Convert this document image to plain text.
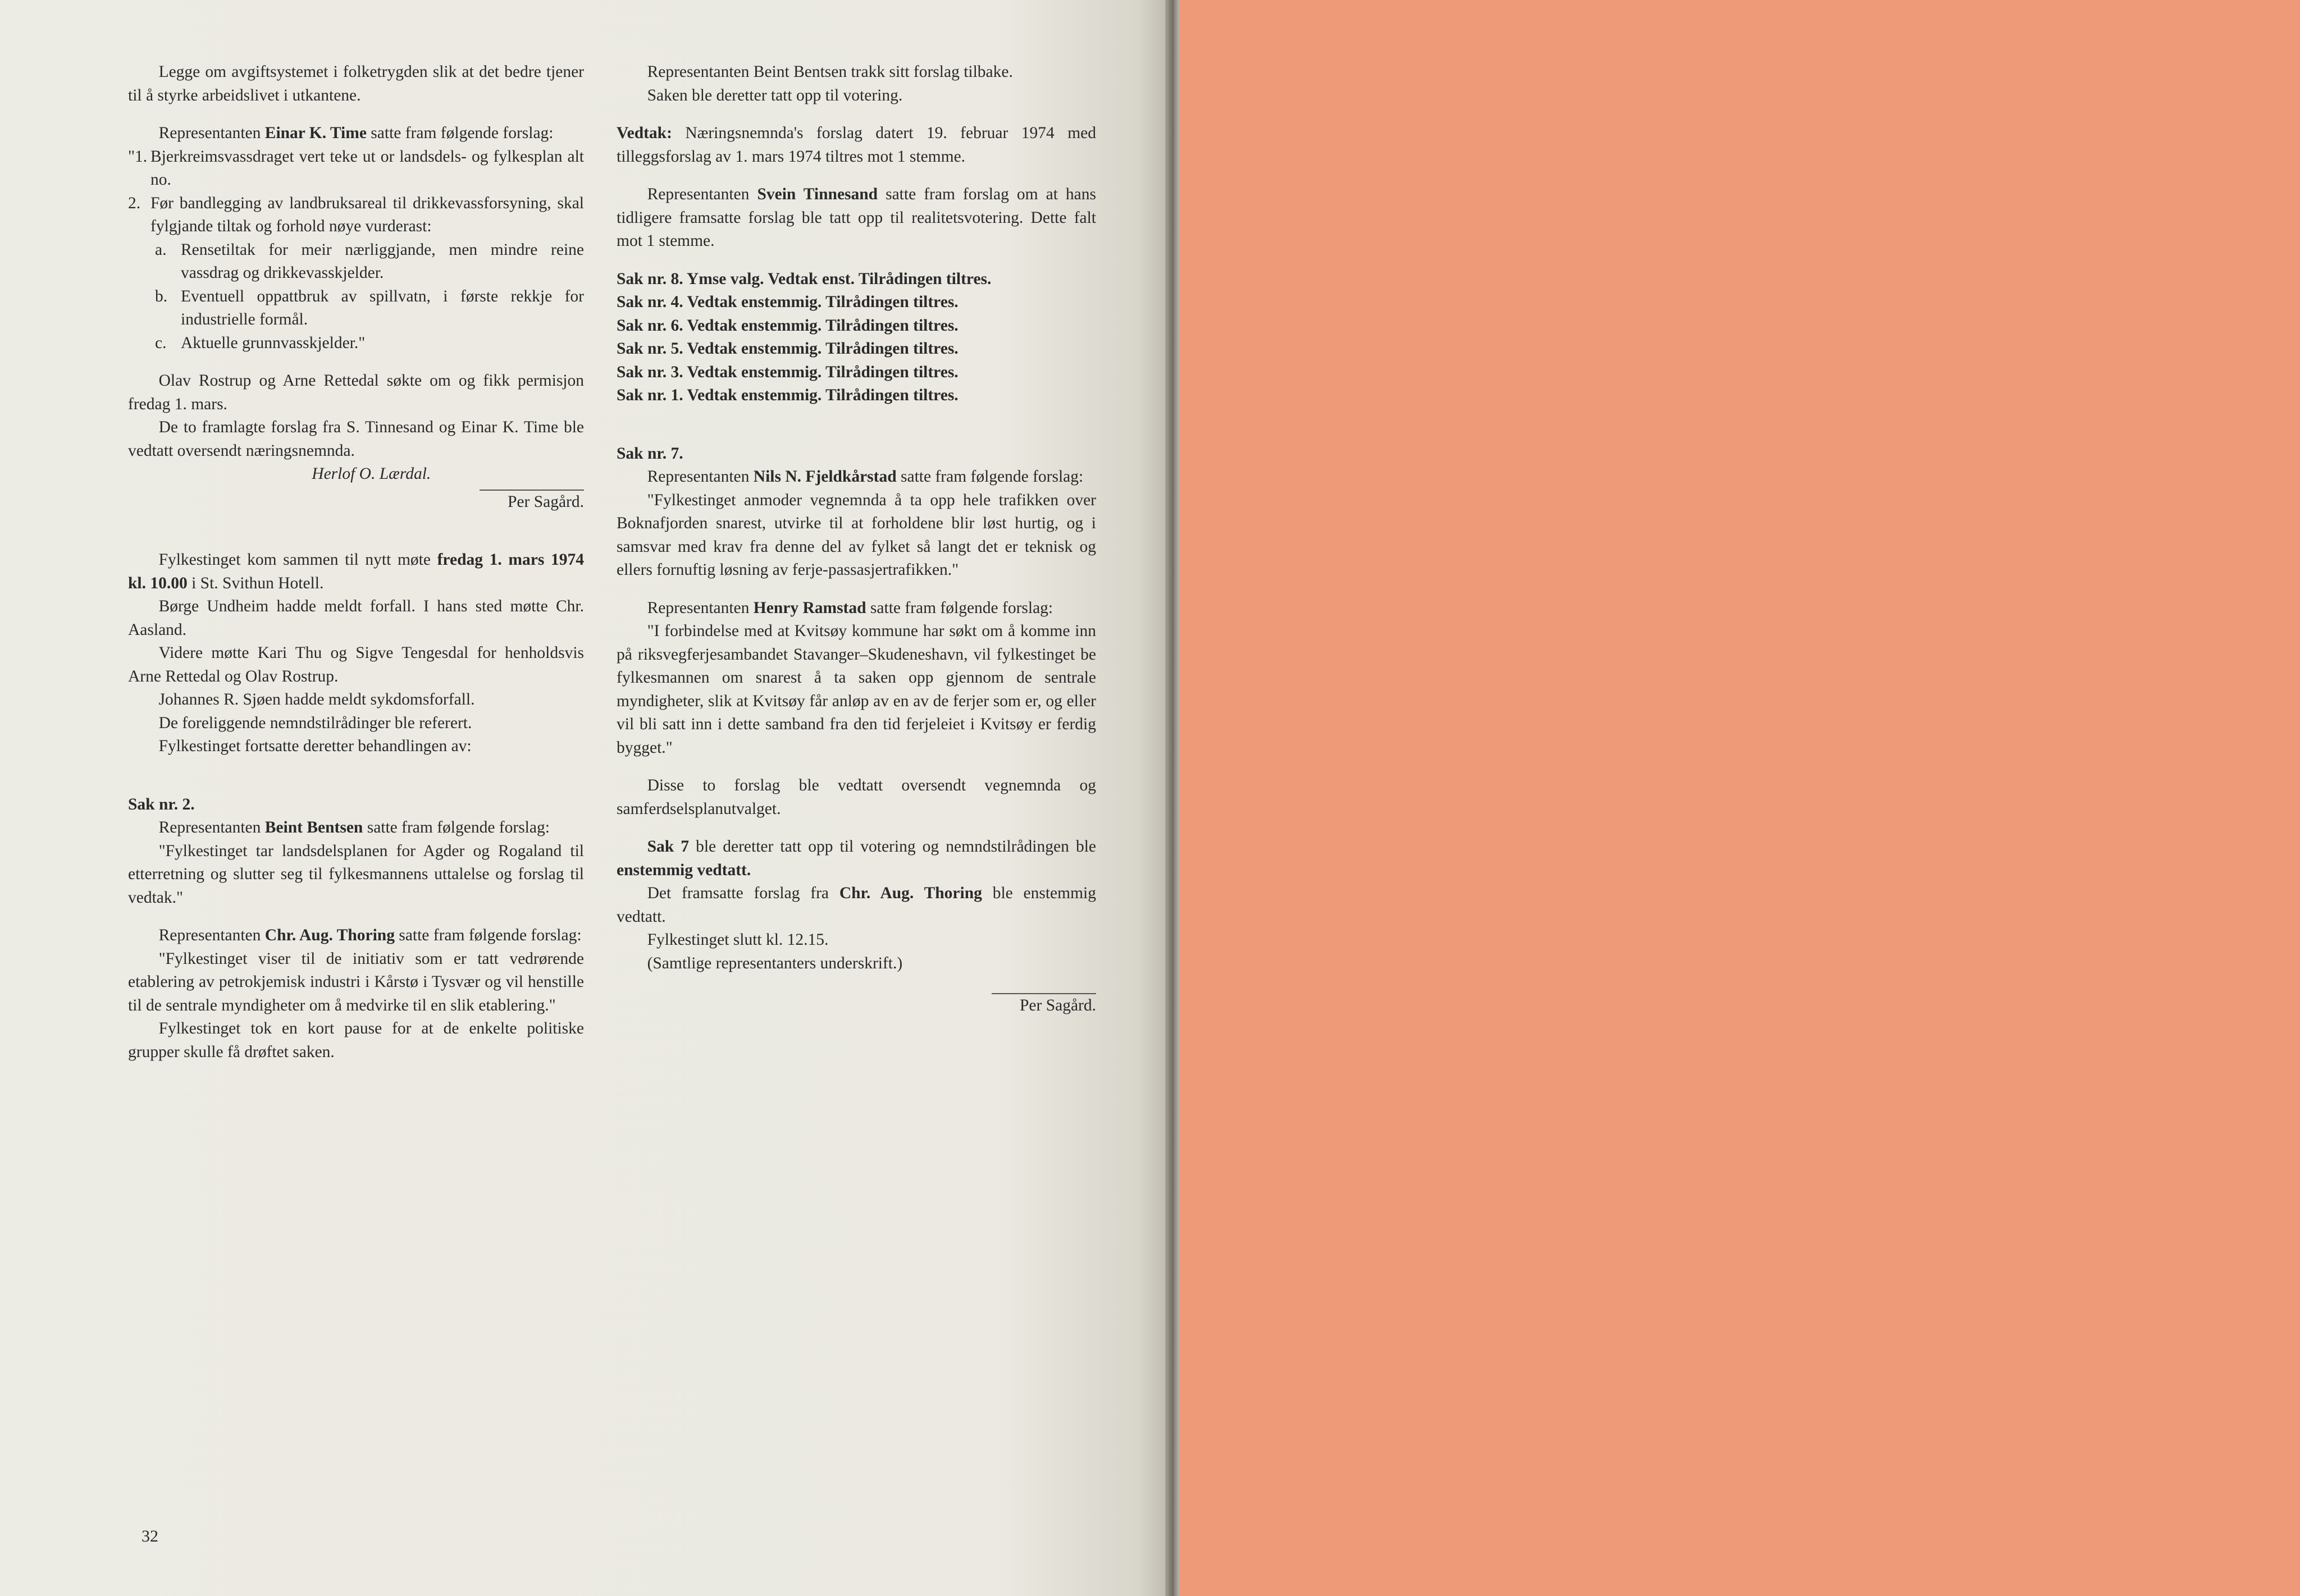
Legge om avgiftsystemet i folketrygden slik at det bedre tjener til å styrke arbeidslivet i utkantene.

Representanten Einar K. Time satte fram følgende forslag:

"1. Bjerkreimsvassdraget vert teke ut or landsdels- og fylkesplan alt no.
2. Før bandlegging av landbruksareal til drikkevassforsyning, skal fylgjande tiltak og forhold nøye vurderast:
a. Rensetiltak for meir nærliggjande, men mindre reine vassdrag og drikkevasskjelder.
b. Eventuell oppattbruk av spillvatn, i første rekkje for industrielle formål.
c. Aktuelle grunnvasskjelder."

Olav Rostrup og Arne Rettedal søkte om og fikk permisjon fredag 1. mars.

De to framlagte forslag fra S. Tinnesand og Einar K. Time ble vedtatt oversendt næringsnemnda.

Herlof O. Lærdal.

Per Sagård.

Fylkestinget kom sammen til nytt møte fredag 1. mars 1974 kl. 10.00 i St. Svithun Hotell.

Børge Undheim hadde meldt forfall. I hans sted møtte Chr. Aasland.

Videre møtte Kari Thu og Sigve Tengesdal for henholdsvis Arne Rettedal og Olav Rostrup.

Johannes R. Sjøen hadde meldt sykdomsforfall.

De foreliggende nemndstilrådinger ble referert.

Fylkestinget fortsatte deretter behandlingen av:

Sak nr. 2.

Representanten Beint Bentsen satte fram følgende forslag:

"Fylkestinget tar landsdelsplanen for Agder og Rogaland til etterretning og slutter seg til fylkesmannens uttalelse og forslag til vedtak."

Representanten Chr. Aug. Thoring satte fram følgende forslag:

"Fylkestinget viser til de initiativ som er tatt vedrørende etablering av petrokjemisk industri i Kårstø i Tysvær og vil henstille til de sentrale myndigheter om å medvirke til en slik etablering."

Fylkestinget tok en kort pause for at de enkelte politiske grupper skulle få drøftet saken.

32

Representanten Beint Bentsen trakk sitt forslag tilbake.

Saken ble deretter tatt opp til votering.

Vedtak: Næringsnemnda's forslag datert 19. februar 1974 med tilleggsforslag av 1. mars 1974 tiltres mot 1 stemme.

Representanten Svein Tinnesand satte fram forslag om at hans tidligere framsatte forslag ble tatt opp til realitetsvotering. Dette falt mot 1 stemme.

Sak nr. 8. Ymse valg. Vedtak enst. Tilrådingen tiltres.

Sak nr. 4. Vedtak enstemmig. Tilrådingen tiltres.

Sak nr. 6. Vedtak enstemmig. Tilrådingen tiltres.

Sak nr. 5. Vedtak enstemmig. Tilrådingen tiltres.

Sak nr. 3. Vedtak enstemmig. Tilrådingen tiltres.

Sak nr. 1. Vedtak enstemmig. Tilrådingen tiltres.

Sak nr. 7.

Representanten Nils N. Fjeldkårstad satte fram følgende forslag:

"Fylkestinget anmoder vegnemnda å ta opp hele trafikken over Boknafjorden snarest, utvirke til at forholdene blir løst hurtig, og i samsvar med krav fra denne del av fylket så langt det er teknisk og ellers fornuftig løsning av ferje-passasjertrafikken."

Representanten Henry Ramstad satte fram følgende forslag:

"I forbindelse med at Kvitsøy kommune har søkt om å komme inn på riksvegferjesambandet Stavanger–Skudeneshavn, vil fylkestinget be fylkesmannen om snarest å ta saken opp gjennom de sentrale myndigheter, slik at Kvitsøy får anløp av en av de ferjer som er, og eller vil bli satt inn i dette samband fra den tid ferjeleiet i Kvitsøy er ferdig bygget."

Disse to forslag ble vedtatt oversendt vegnemnda og samferdselsplanutvalget.

Sak 7 ble deretter tatt opp til votering og nemndstilrådingen ble enstemmig vedtatt.

Det framsatte forslag fra Chr. Aug. Thoring ble enstemmig vedtatt.

Fylkestinget slutt kl. 12.15.

(Samtlige representanters underskrift.)

Per Sagård.
